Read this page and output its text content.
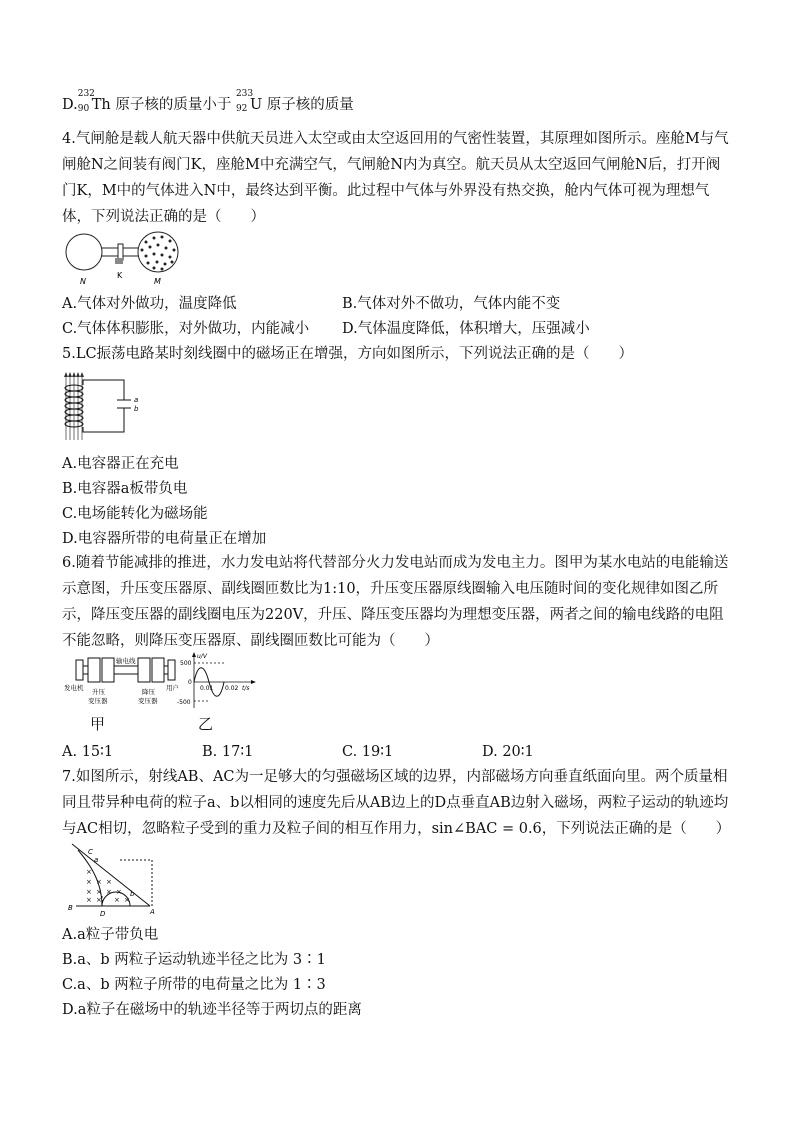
D.
232
90 Th 原子核的质量小于
233
92 U 原子核的质量
4.气闸舱是载人航天器中供航天员进入太空或由太空返回用的气密性装置，其原理如图所示。座舱M与气闸舱N之间装有阀门K，座舱M中充满空气，气闸舱N内为真空。航天员从太空返回气闸舱N后，打开阀门K，M中的气体进入N中，最终达到平衡。此过程中气体与外界没有热交换，舱内气体可视为理想气体，下列说法正确的是（　　）
N
K
M
A.气体对外做功，温度降低	B.气体对外不做功，气体内能不变
C.气体体积膨胀，对外做功，内能减小 D.气体温度降低，体积增大，压强减小
5.LC振荡电路某时刻线圈中的磁场正在增强，方向如图所示，下列说法正确的是（　　）
a
b
A.电容器正在充电
B.电容器a板带负电
C.电场能转化为磁场能
D.电容器所带的电荷量正在增加
6.随着节能减排的推进，水力发电站将代替部分火力发电站而成为发电主力。图甲为某水电站的电能输送示意图，升压变压器原、副线圈匝数比为1:10，升压变压器原线圈输入电压随时间的变化规律如图乙所示，降压变压器的副线圈电压为220V，升压、降压变压器均为理想变压器，两者之间的输电线路的电阻不能忽略，则降压变压器原、副线圈匝数比可能为（　　）
发电机 升压
变压器
输电线
降压
变压器
用户
u/V
500
0
-500
0.01 0.02 t/s
甲	乙
A. 15∶1	B. 17∶1	C. 19∶1	D. 20∶1
7.如图所示，射线AB、AC为一足够大的匀强磁场区域的边界，内部磁场方向垂直纸面向里。两个质量相同且带异种电荷的粒子a、b以相同的速度先后从AB边上的D点垂直AB边射入磁场，两粒子运动的轨迹均与AC相切，忽略粒子受到的重力及粒子间的相互作用力，sin∠BAC = 0.6，下列说法正确的是（　　）
×
× × ×
× × × ×
× × × ×
C
a
b
B
D	A
A.a粒子带负电
B.a、b 两粒子运动轨迹半径之比为 3∶1
C.a、b 两粒子所带的电荷量之比为 1∶3
D.a粒子在磁场中的轨迹半径等于两切点的距离
